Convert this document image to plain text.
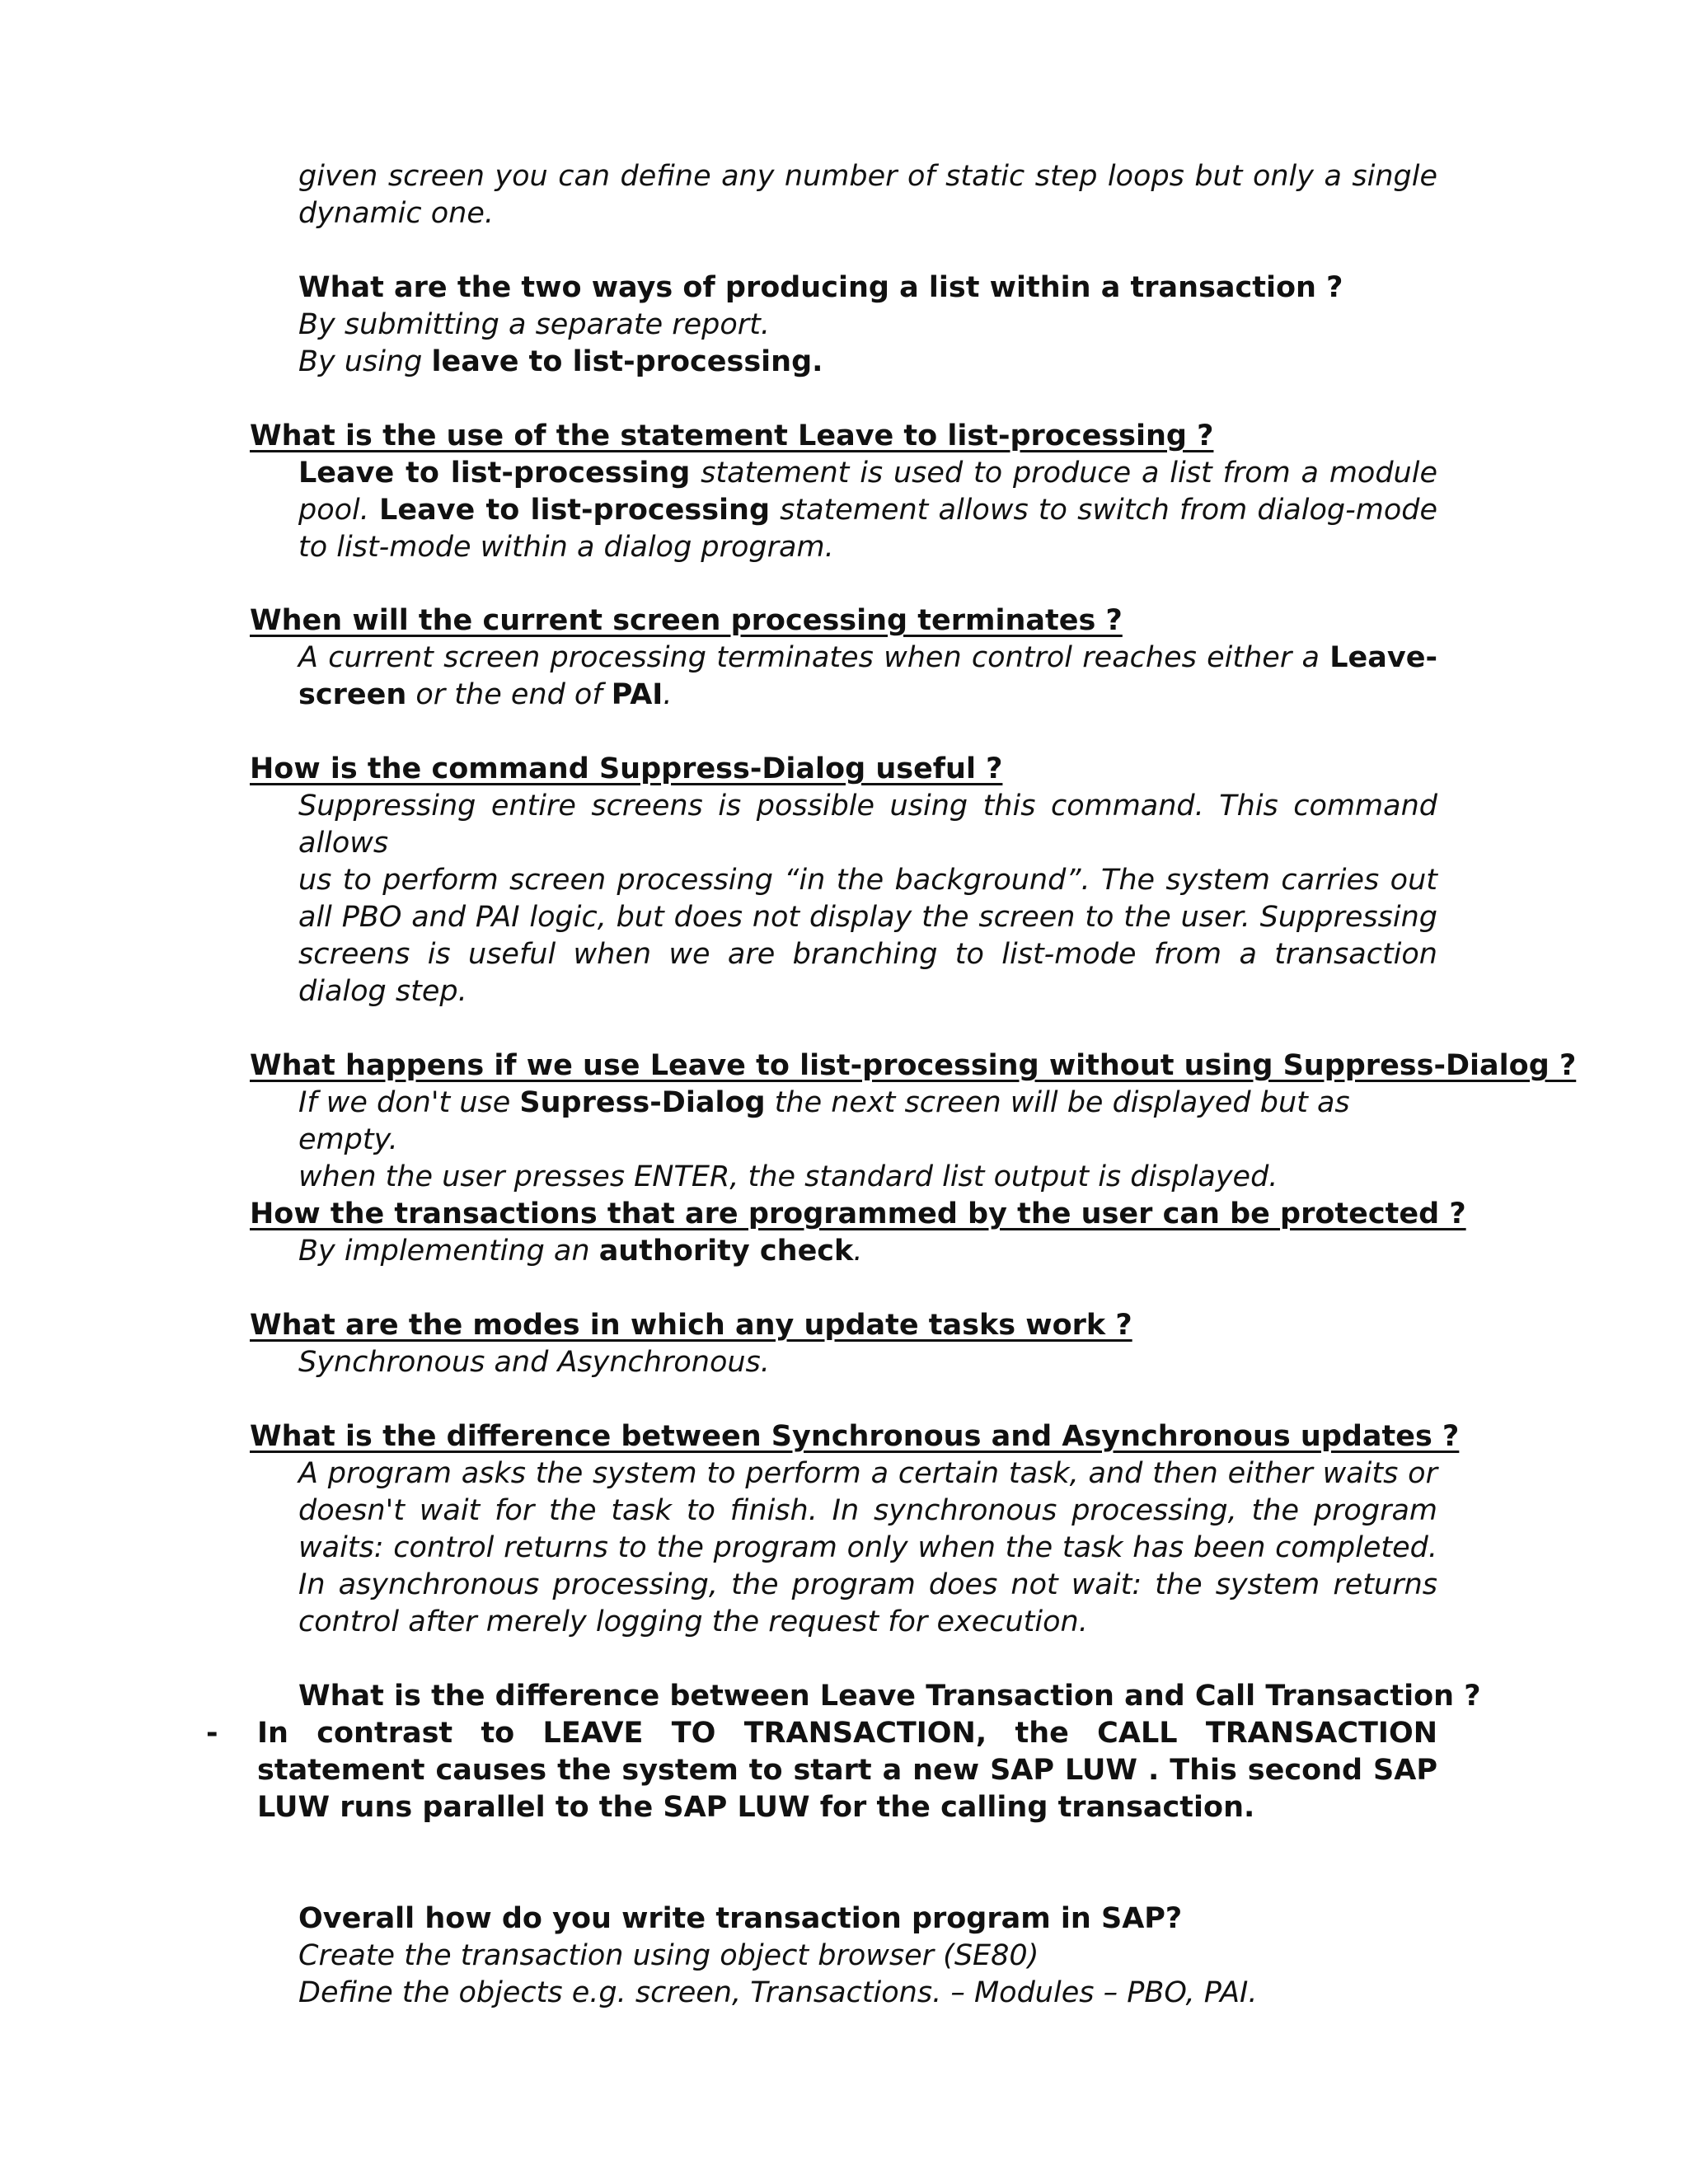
given screen you can define any number of static step loops but only a single dynamic one.
What are the two ways of producing a list within a transaction ?
By submitting a separate report.
By using leave to list-processing.
What is the use of the statement Leave to list-processing ?
Leave to list-processing statement is used to produce a list from a module pool. Leave to list-processing statement allows to switch from dialog-mode to list-mode within a dialog program.
When will the current screen processing terminates ?
A current screen processing terminates when control reaches either a Leave-screen or the end of PAI.
How is the command Suppress-Dialog useful ?
Suppressing entire screens is possible using this command. This command allows
us to perform screen processing “in the background”. The system carries out all PBO and PAI logic, but does not display the screen to the user. Suppressing screens is useful when we are branching to list-mode from a transaction dialog step.
What happens if we use Leave to list-processing without using Suppress-Dialog ?
If we don't use Supress-Dialog the next screen will be displayed but as empty.
when the user presses ENTER, the standard list output is displayed.
How the transactions that are programmed by the user can be protected ?
By implementing an authority check.
What are the modes in which any update tasks work ?
Synchronous and Asynchronous.
What is the difference between Synchronous and Asynchronous updates ?
A program asks the system to perform a certain task, and then either waits or doesn't wait for the task to finish. In synchronous processing, the program waits: control returns to the program only when the task has been completed. In asynchronous processing, the program does not wait: the system returns control after merely logging the request for execution.
What is the difference between Leave Transaction and Call Transaction ?
- In contrast to LEAVE TO TRANSACTION, the CALL TRANSACTION statement causes the system to start a new SAP LUW . This second SAP LUW runs parallel to the SAP LUW for the calling transaction.
Overall how do you write transaction program in SAP?
Create the transaction using object browser (SE80)
Define the objects e.g. screen, Transactions. – Modules – PBO, PAI.
